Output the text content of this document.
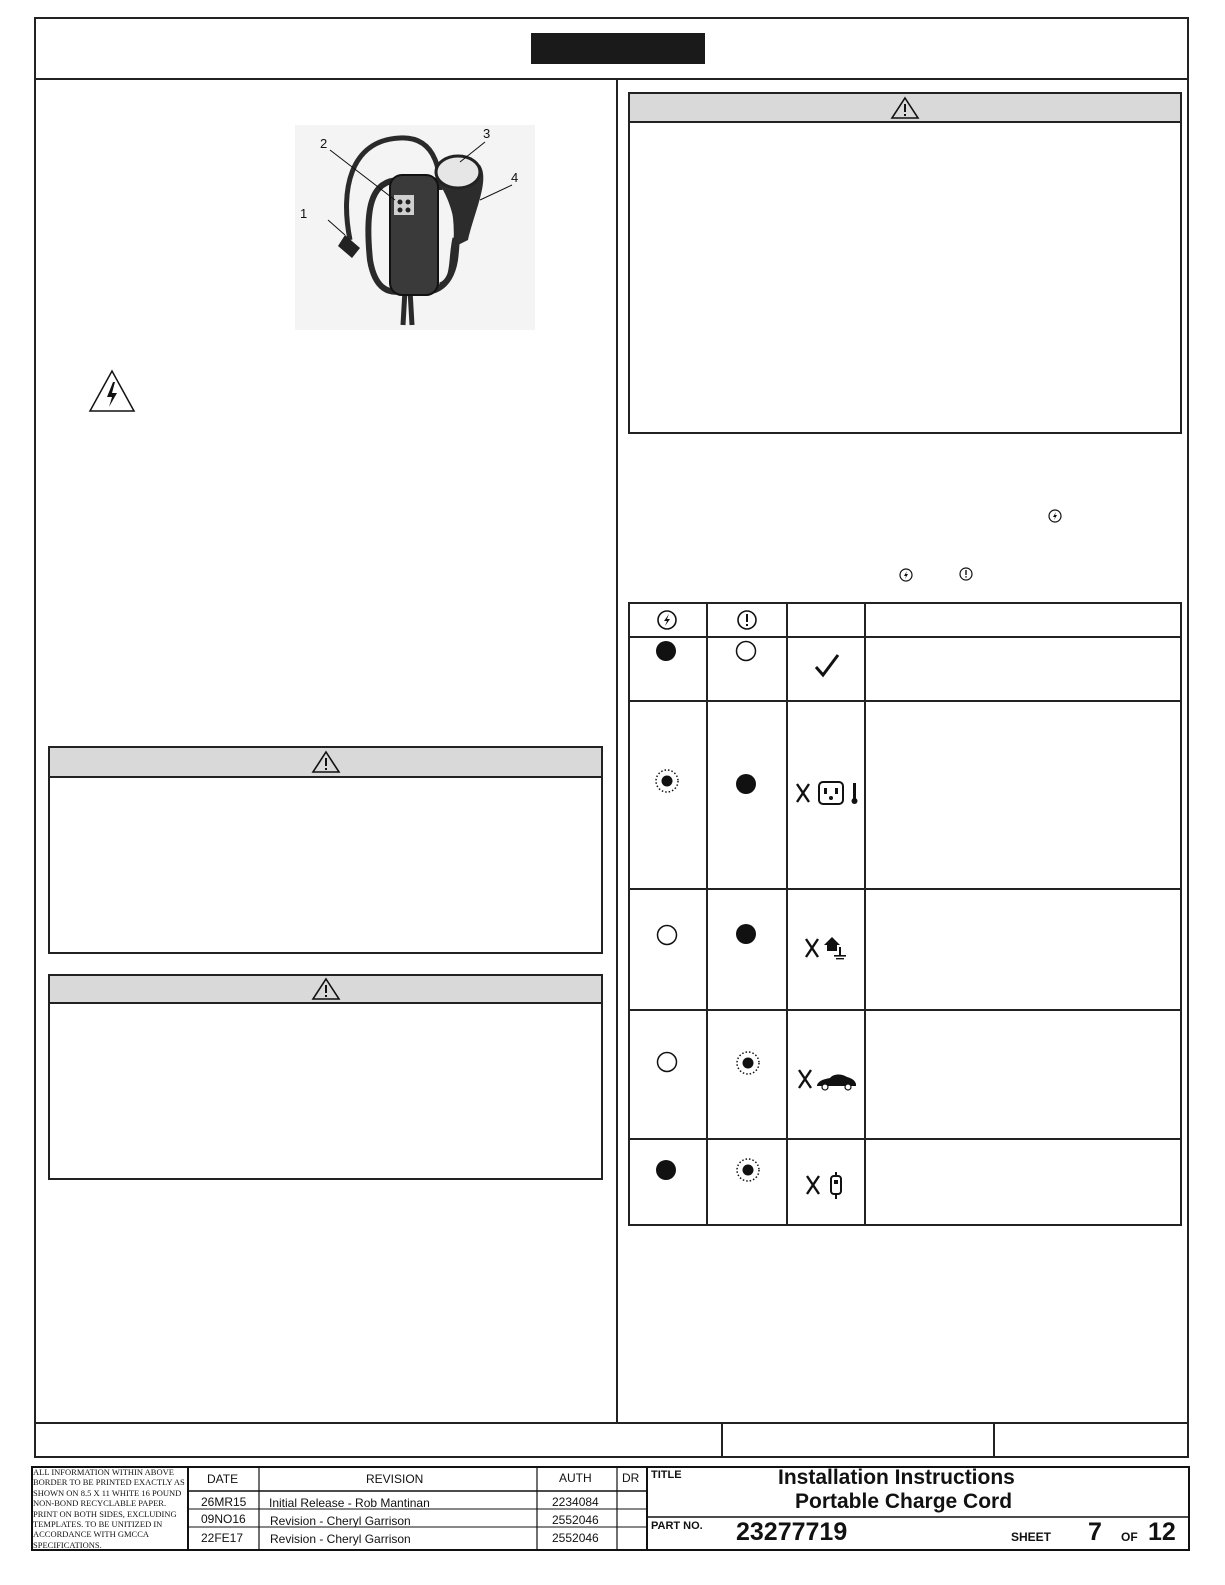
1
2
3
4
ALL INFORMATION WITHIN ABOVE BORDER TO BE PRINTED EXACTLY AS SHOWN ON 8.5 X 11 WHITE 16 POUND NON-BOND RECYCLABLE PAPER. PRINT ON BOTH SIDES, EXCLUDING TEMPLATES. TO BE UNITIZED IN ACCORDANCE WITH GMCCA SPECIFICATIONS.
DATE	REVISION	AUTH	DR
26MR15 Initial Release - Rob Mantinan	2234084
09NO16 Revision - Cheryl Garrison	2552046
22FE17 Revision - Cheryl Garrison	2552046
TITLE	Installation Instructions
Portable Charge Cord
PART NO. 23277719	SHEET 7 OF 12
